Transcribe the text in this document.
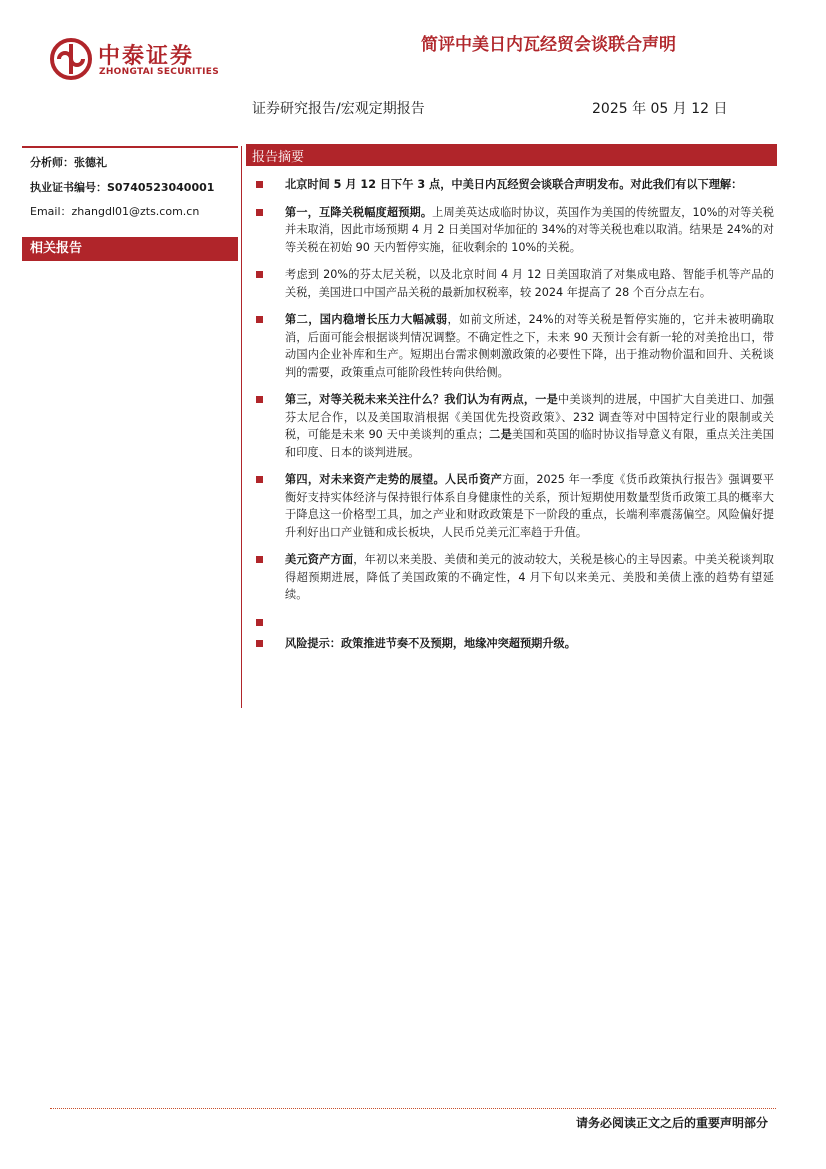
中泰证券
ZHONGTAI SECURITIES
简评中美日内瓦经贸会谈联合声明
证券研究报告/宏观定期报告	2025 年 05 月 12 日
分析师：张德礼
执业证书编号：S0740523040001
Email：zhangdl01@zts.com.cn
相关报告
报告摘要
北京时间 5 月 12 日下午 3 点，中美日内瓦经贸会谈联合声明发布。对此我们有以下理解：
第一，互降关税幅度超预期。上周美英达成临时协议，英国作为美国的传统盟友，10%的对等关税并未取消，因此市场预期 4 月 2 日美国对华加征的 34%的对等关税也难以取消。结果是 24%的对等关税在初始 90 天内暂停实施，征收剩余的 10%的关税。
考虑到 20%的芬太尼关税，以及北京时间 4 月 12 日美国取消了对集成电路、智能手机等产品的关税，美国进口中国产品关税的最新加权税率，较 2024 年提高了 28 个百分点左右。
第二，国内稳增长压力大幅减弱，如前文所述，24%的对等关税是暂停实施的，它并未被明确取消，后面可能会根据谈判情况调整。不确定性之下，未来 90 天预计会有新一轮的对美抢出口，带动国内企业补库和生产。短期出台需求侧刺激政策的必要性下降，出于推动物价温和回升、关税谈判的需要，政策重点可能阶段性转向供给侧。
第三，对等关税未来关注什么？我们认为有两点，一是中美谈判的进展，中国扩大自美进口、加强芬太尼合作，以及美国取消根据《美国优先投资政策》、232 调查等对中国特定行业的限制或关税，可能是未来 90 天中美谈判的重点；二是美国和英国的临时协议指导意义有限，重点关注美国和印度、日本的谈判进展。
第四，对未来资产走势的展望。人民币资产方面，2025 年一季度《货币政策执行报告》强调要平衡好支持实体经济与保持银行体系自身健康性的关系，预计短期使用数量型货币政策工具的概率大于降息这一价格型工具，加之产业和财政政策是下一阶段的重点，长端利率震荡偏空。风险偏好提升利好出口产业链和成长板块，人民币兑美元汇率趋于升值。
美元资产方面，年初以来美股、美债和美元的波动较大，关税是核心的主导因素。中美关税谈判取得超预期进展，降低了美国政策的不确定性，4 月下旬以来美元、美股和美债上涨的趋势有望延续。
风险提示：政策推进节奏不及预期，地缘冲突超预期升级。
请务必阅读正文之后的重要声明部分
